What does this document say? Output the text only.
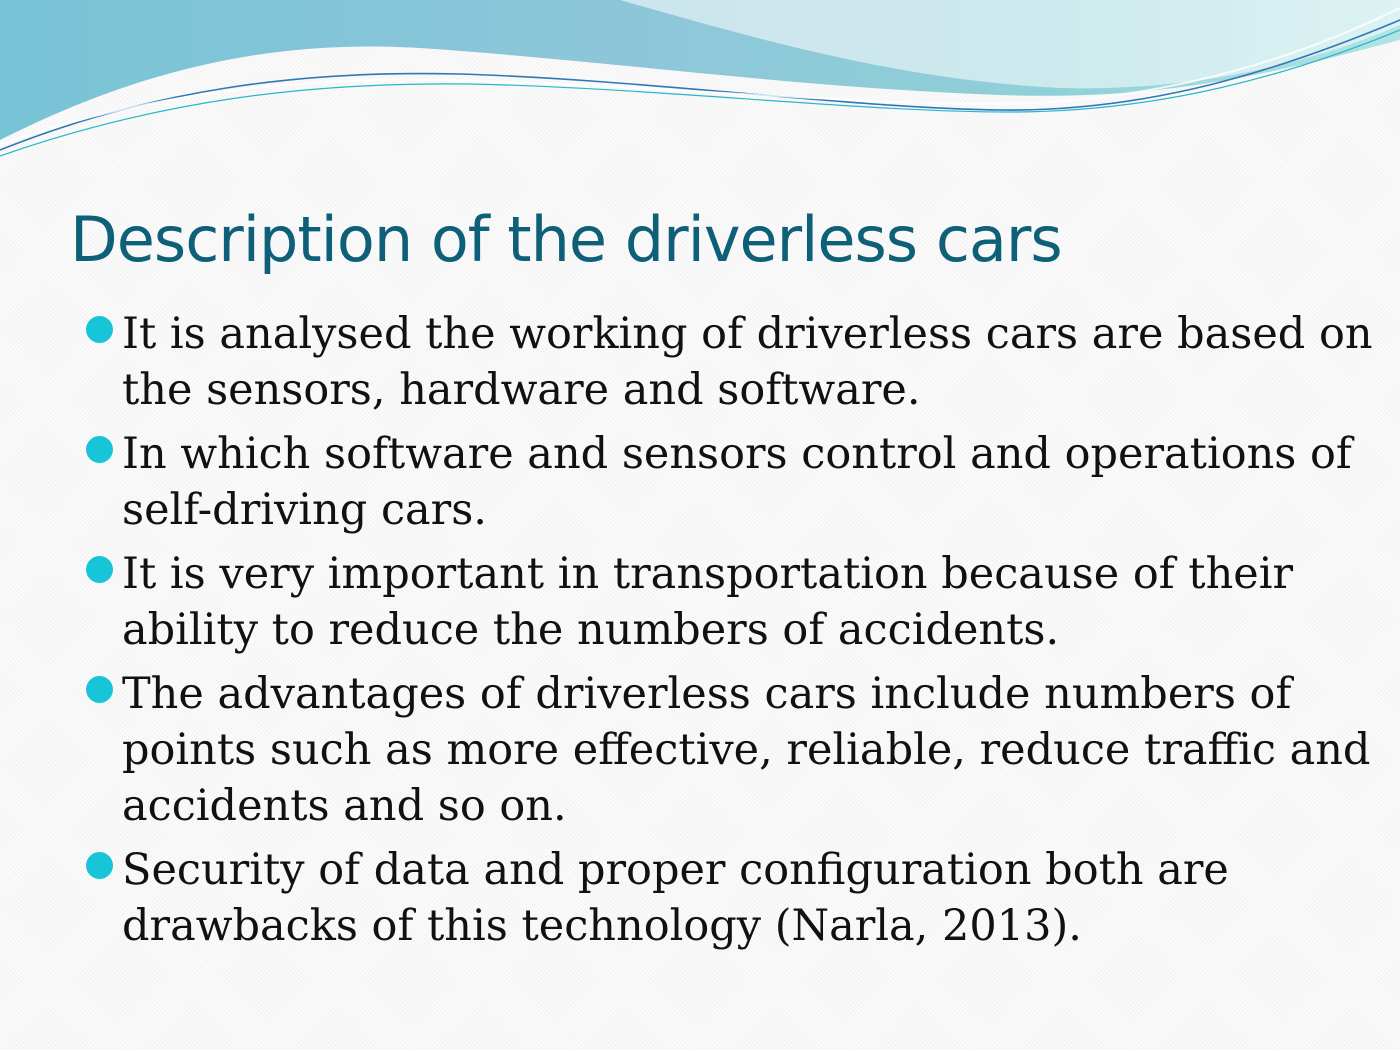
Description of the driverless cars
It is analysed the working of driverless cars are based on the sensors, hardware and software.
In which software and sensors control and operations of self-driving cars.
It is very important in transportation because of their ability to reduce the numbers of accidents.
The advantages of driverless cars include numbers of points such as more effective, reliable, reduce traffic and accidents and so on.
Security of data and proper configuration both are drawbacks of this technology (Narla, 2013).
